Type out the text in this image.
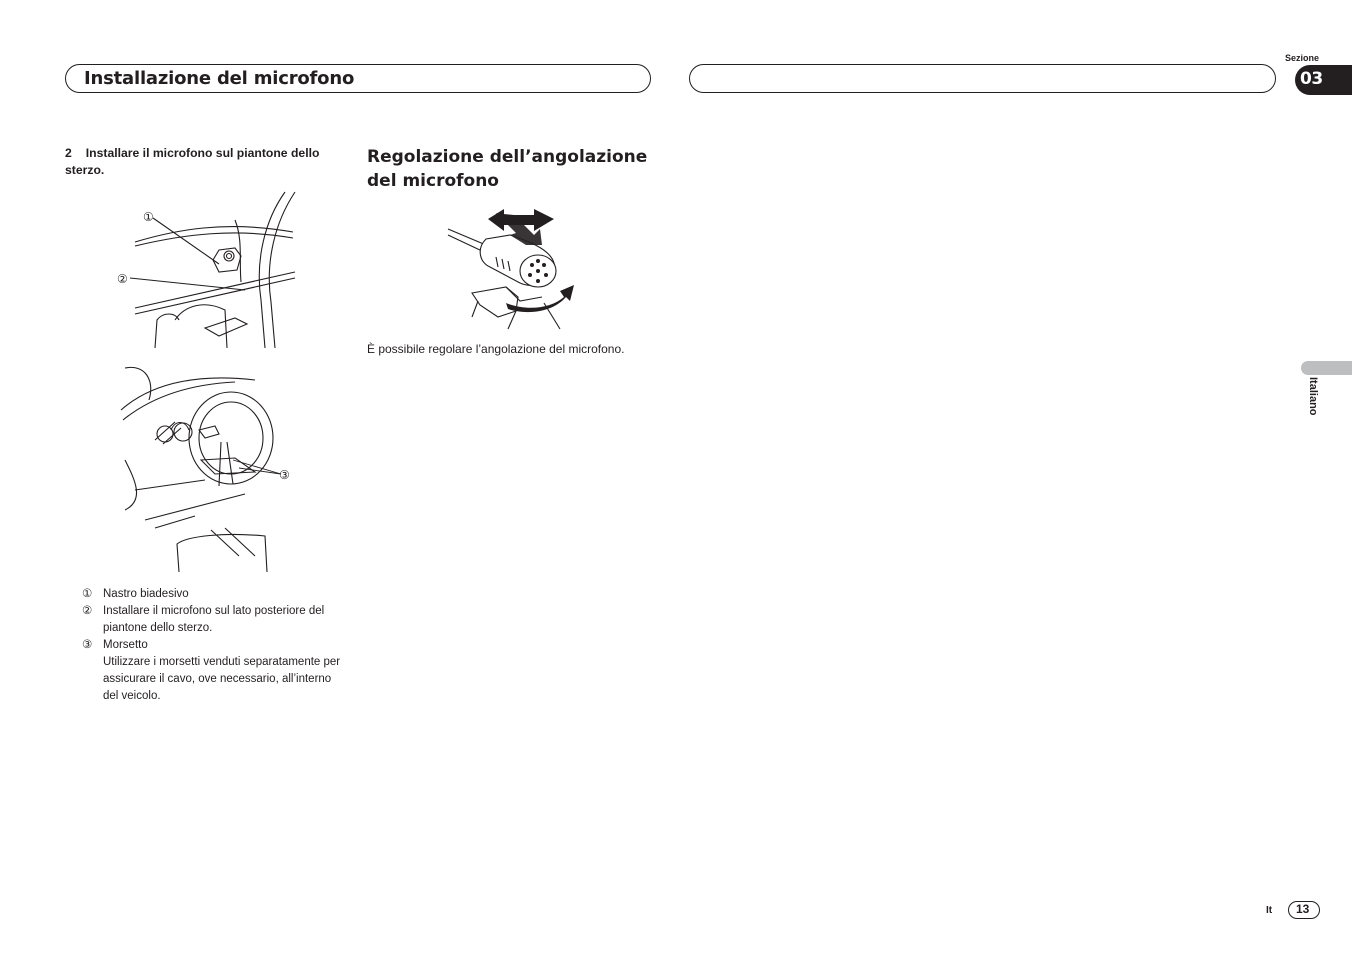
Installazione del microfono
Sezione
03
Italiano
2 Installare il microfono sul piantone dello sterzo.
①
②
③
① Nastro biadesivo
② Installare il microfono sul lato posteriore del piantone dello sterzo.
③ Morsetto
Utilizzare i morsetti venduti separatamente per assicurare il cavo, ove necessario, all’interno del veicolo.
Regolazione dell’angolazione del microfono
È possibile regolare l’angolazione del microfono.
It 13
